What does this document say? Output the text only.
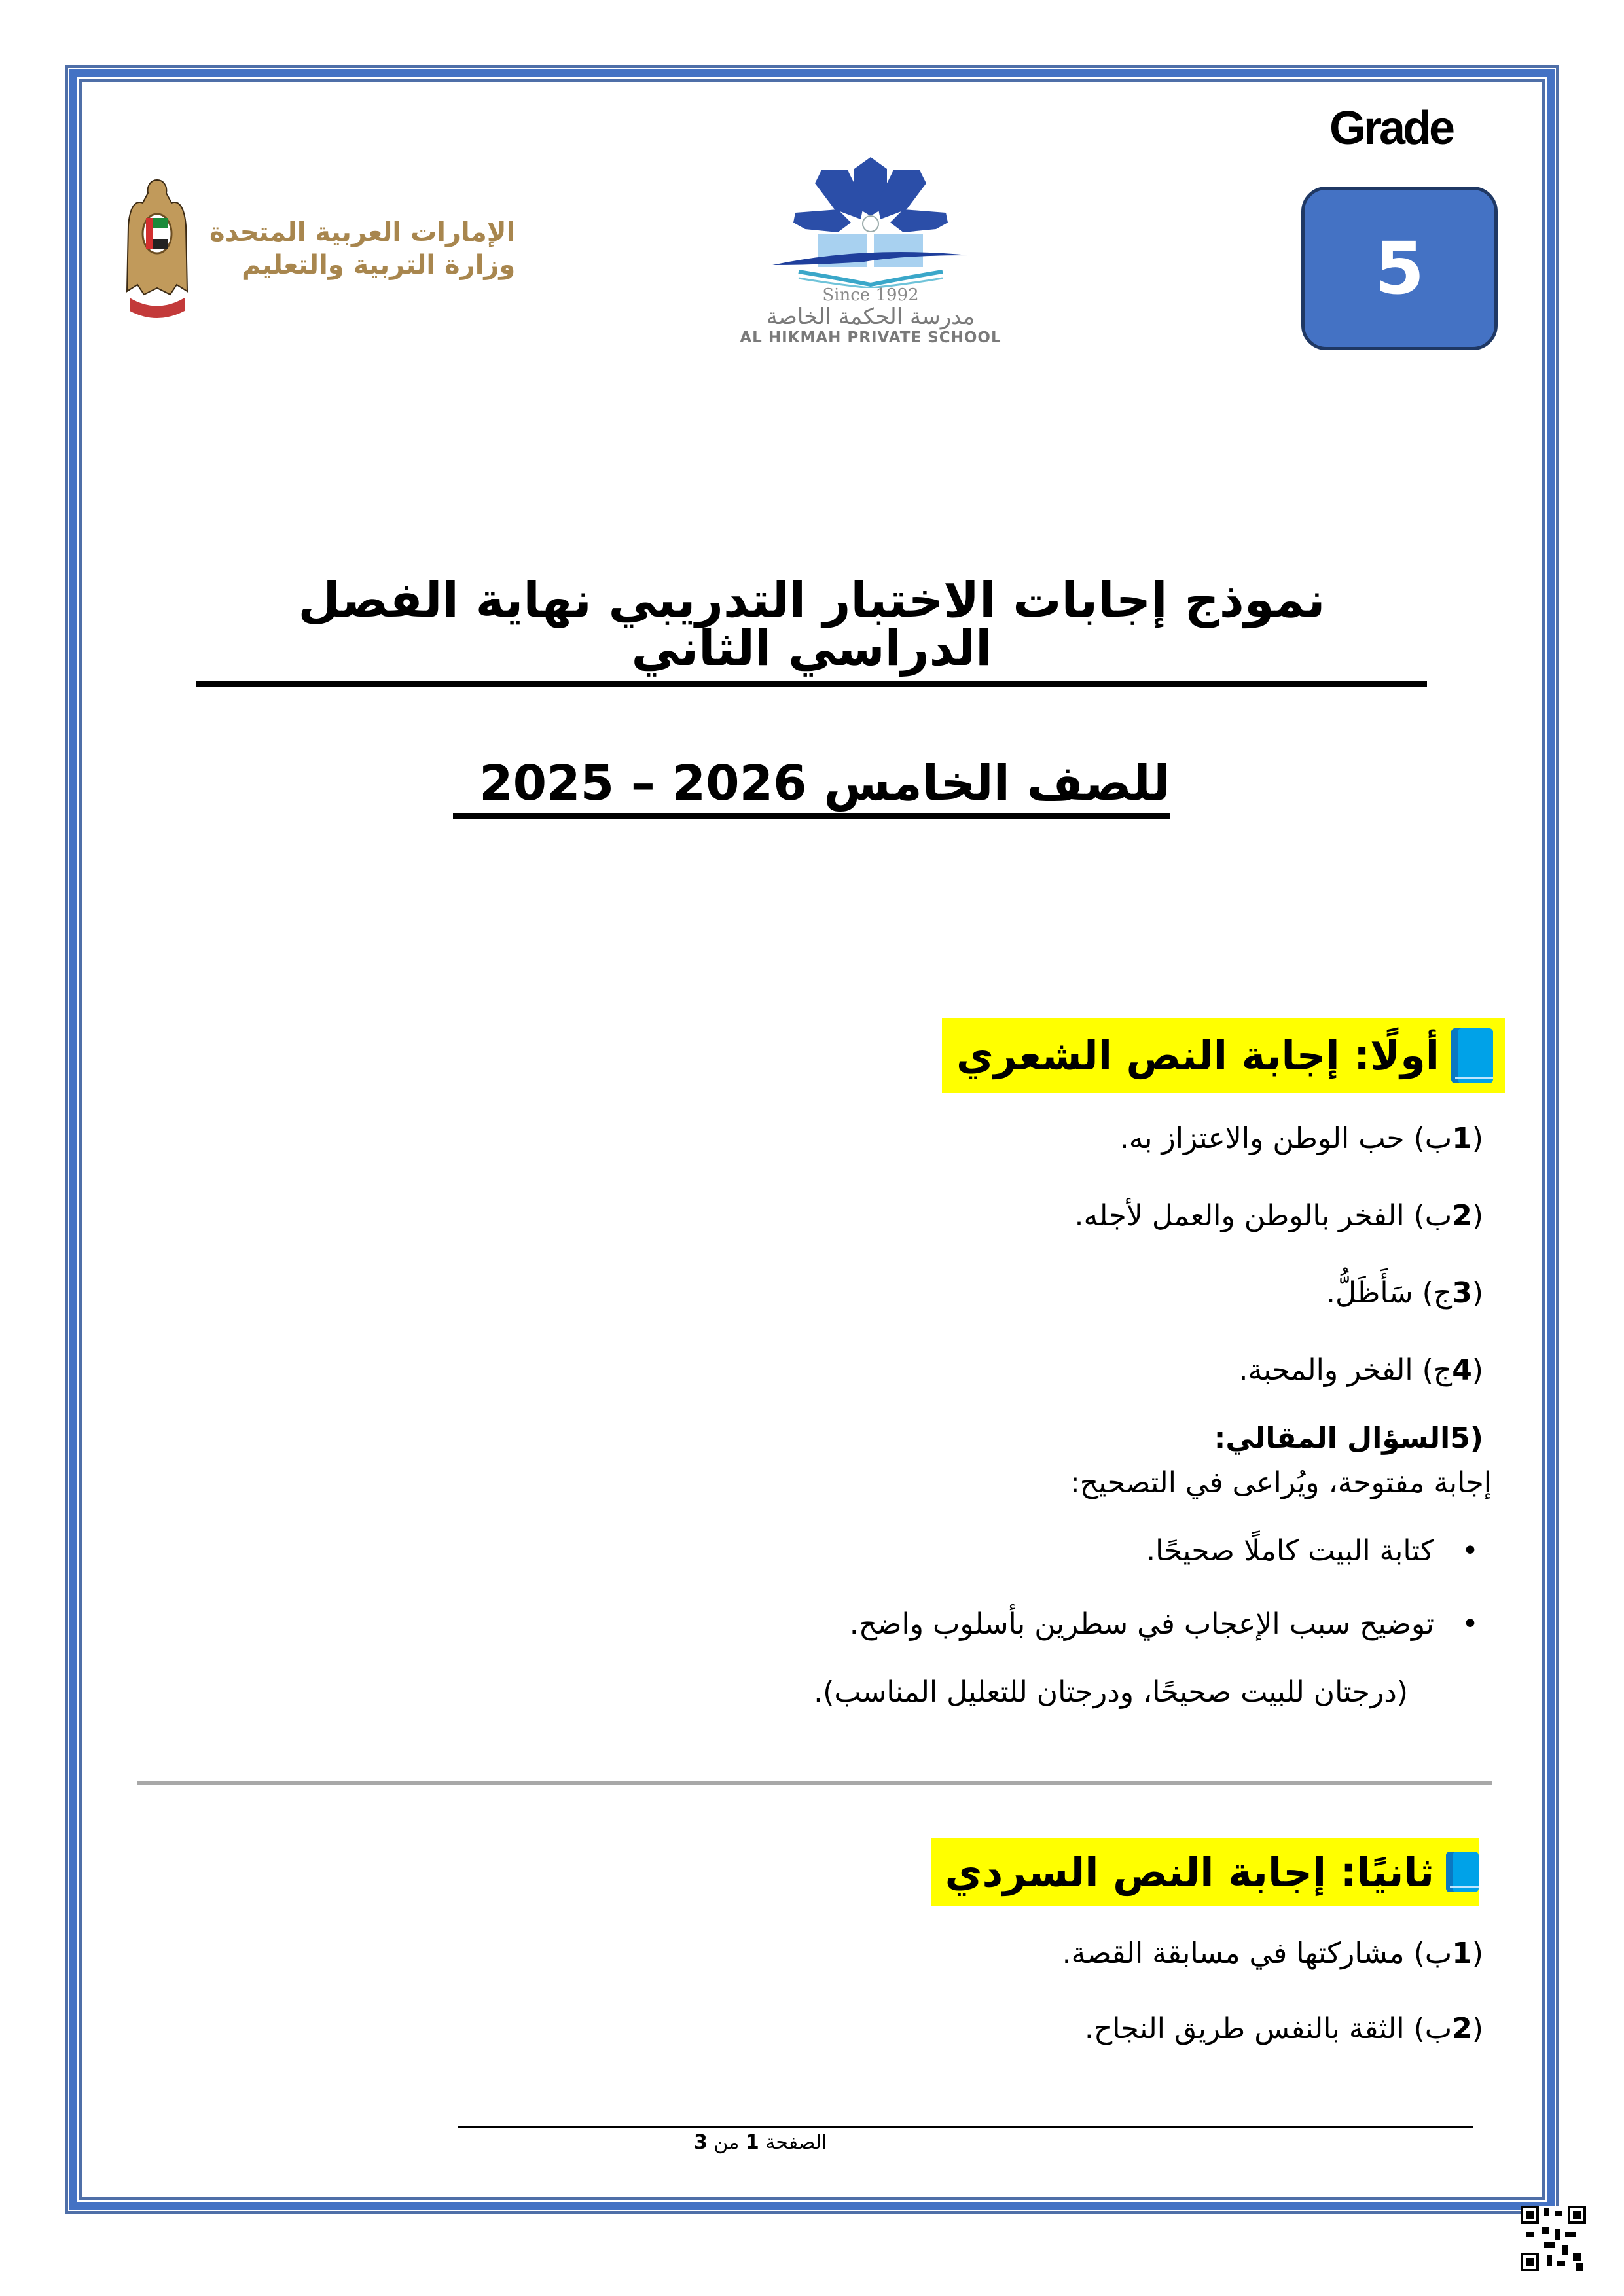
الإمارات العربية المتحدة
وزارة التربية والتعليم
Since 1992
مدرسة الحكمة الخاصة
AL HIKMAH PRIVATE SCHOOL
Grade
5
نموذج إجابات الاختبار التدريبي نهاية الفصل الدراسي الثاني
للصف الخامس 2026 – 2025
أولًا: إجابة النص الشعري
(1ب) حب الوطن والاعتزاز به.
(2ب) الفخر بالوطن والعمل لأجله.
(3ج) سَأَظَلُّ.
(4ج) الفخر والمحبة.
(5السؤال المقالي:
إجابة مفتوحة، ويُراعى في التصحيح:
• كتابة البيت كاملًا صحيحًا.
• توضيح سبب الإعجاب في سطرين بأسلوب واضح.
(درجتان للبيت صحيحًا، ودرجتان للتعليل المناسب).
ثانيًا: إجابة النص السردي
(1ب) مشاركتها في مسابقة القصة.
(2ب) الثقة بالنفس طريق النجاح.
الصفحة 1 من 3
